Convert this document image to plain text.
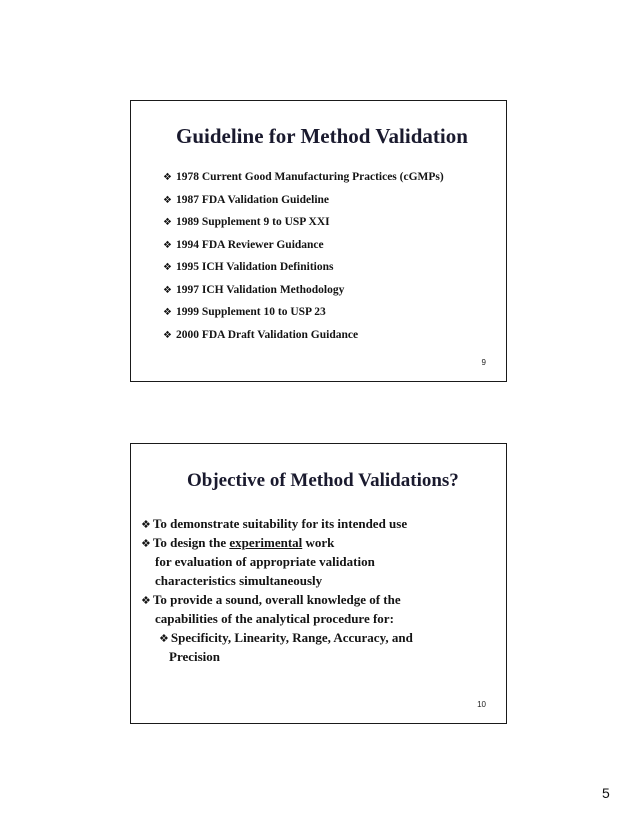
Guideline for Method Validation
❖ 1978 Current Good Manufacturing Practices (cGMPs)
❖ 1987 FDA Validation Guideline
❖ 1989 Supplement 9 to USP XXI
❖ 1994 FDA Reviewer Guidance
❖ 1995 ICH Validation Definitions
❖ 1997 ICH Validation Methodology
❖ 1999 Supplement 10 to USP 23
❖ 2000 FDA Draft Validation Guidance
9
Objective of Method Validations?
❖ To demonstrate suitability for its intended use
❖ To design the experimental work
for evaluation of appropriate validation
characteristics simultaneously
❖ To provide a sound, overall knowledge of the
capabilities of the analytical procedure for:
❖ Specificity, Linearity, Range, Accuracy, and
Precision
10
5
